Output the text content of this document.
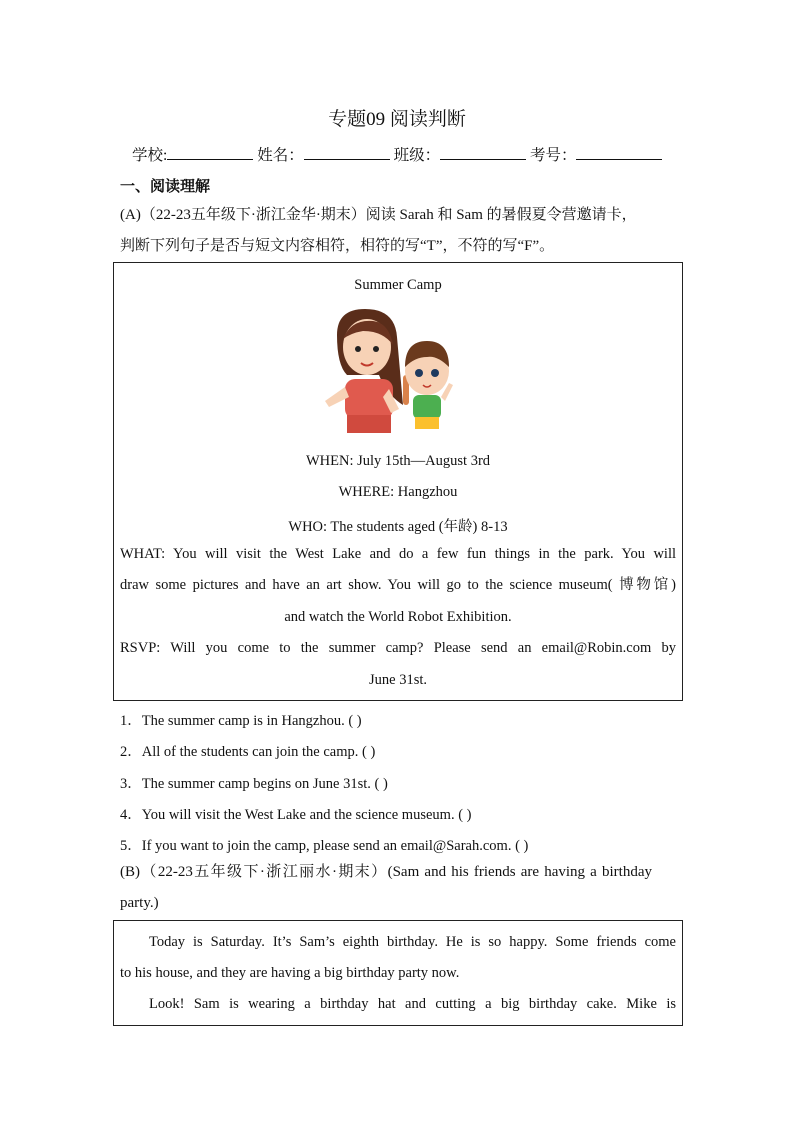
专题09 阅读判断
学校:	姓名：	班级：	考号：
一、阅读理解
(A)（22-23五年级下·浙江金华·期末）阅读 Sarah 和 Sam 的暑假夏令营邀请卡，
判断下列句子是否与短文内容相符，相符的写“T”，不符的写“F”。
Summer Camp
WHEN: July 15th—August 3rd
WHERE: Hangzhou
WHO: The students aged (年龄) 8-13
WHAT: You will visit the West Lake and do a few fun things in the park. You will
draw some pictures and have an art show. You will go to the science museum( 博物馆)
and watch the World Robot Exhibition.
RSVP: Will you come to the summer camp? Please send an email@Robin.com by
June 31st.
1．The summer camp is in Hangzhou. ( )
2．All of the students can join the camp. ( )
3．The summer camp begins on June 31st. ( )
4．You will visit the West Lake and the science museum. ( )
5．If you want to join the camp, please send an email@Sarah.com. ( )
(B)（22-23五年级下·浙江丽水·期末）(Sam and his friends are having a birthday
party.)
Today is Saturday. It’s Sam’s eighth birthday. He is so happy. Some friends come
to his house, and they are having a big birthday party now.
Look! Sam is wearing a birthday hat and cutting a big birthday cake. Mike is
